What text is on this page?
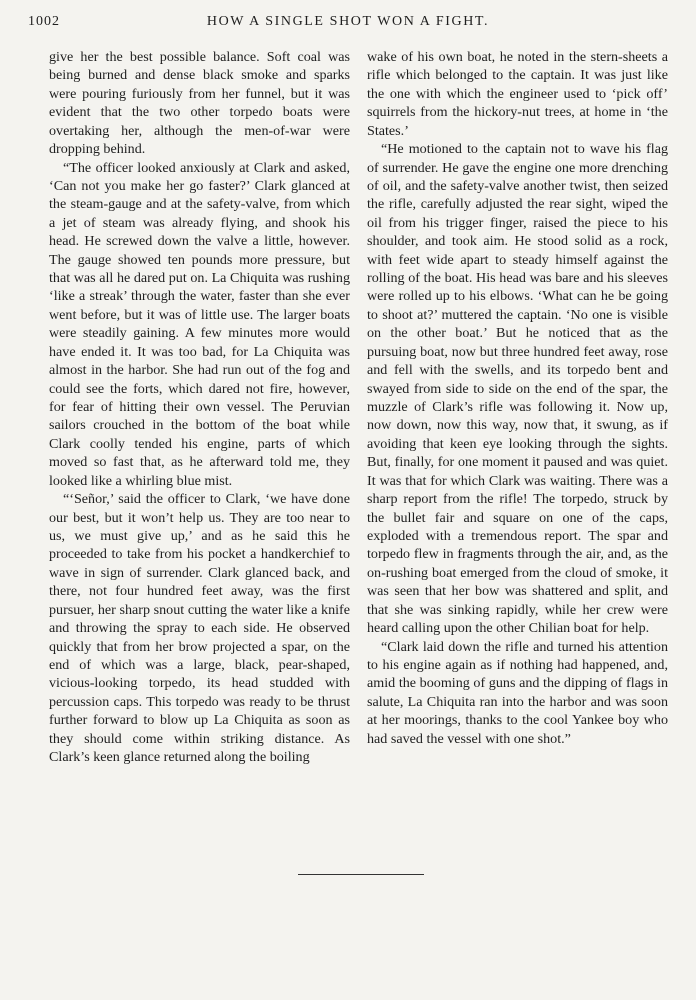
1002	HOW A SINGLE SHOT WON A FIGHT.

give her the best possible balance. Soft coal was being burned and dense black smoke and sparks were pouring furiously from her funnel, but it was evident that the two other torpedo boats were overtaking her, although the men-of-war were dropping behind.

“The officer looked anxiously at Clark and asked, ‘Can not you make her go faster?’ Clark glanced at the steam-gauge and at the safety-valve, from which a jet of steam was already flying, and shook his head. He screwed down the valve a little, however. The gauge showed ten pounds more pressure, but that was all he dared put on. La Chiquita was rushing ‘like a streak’ through the water, faster than she ever went before, but it was of little use. The larger boats were steadily gaining. A few minutes more would have ended it. It was too bad, for La Chiquita was almost in the harbor. She had run out of the fog and could see the forts, which dared not fire, however, for fear of hitting their own vessel. The Peruvian sailors crouched in the bottom of the boat while Clark coolly tended his engine, parts of which moved so fast that, as he afterward told me, they looked like a whirling blue mist.

“‘Señor,’ said the officer to Clark, ‘we have done our best, but it won’t help us. They are too near to us, we must give up,’ and as he said this he proceeded to take from his pocket a handkerchief to wave in sign of surrender. Clark glanced back, and there, not four hundred feet away, was the first pursuer, her sharp snout cutting the water like a knife and throwing the spray to each side. He observed quickly that from her brow projected a spar, on the end of which was a large, black, pear-shaped, vicious-looking torpedo, its head studded with percussion caps. This torpedo was ready to be thrust further forward to blow up La Chiquita as soon as they should come within striking distance. As Clark’s keen glance returned along the boiling

wake of his own boat, he noted in the stern-sheets a rifle which belonged to the captain. It was just like the one with which the engineer used to ‘pick off’ squirrels from the hickory-nut trees, at home in ‘the States.’

“He motioned to the captain not to wave his flag of surrender. He gave the engine one more drenching of oil, and the safety-valve another twist, then seized the rifle, carefully adjusted the rear sight, wiped the oil from his trigger finger, raised the piece to his shoulder, and took aim. He stood solid as a rock, with feet wide apart to steady himself against the rolling of the boat. His head was bare and his sleeves were rolled up to his elbows. ‘What can he be going to shoot at?’ muttered the captain. ‘No one is visible on the other boat.’ But he noticed that as the pursuing boat, now but three hundred feet away, rose and fell with the swells, and its torpedo bent and swayed from side to side on the end of the spar, the muzzle of Clark’s rifle was following it. Now up, now down, now this way, now that, it swung, as if avoiding that keen eye looking through the sights. But, finally, for one moment it paused and was quiet. It was that for which Clark was waiting. There was a sharp report from the rifle! The torpedo, struck by the bullet fair and square on one of the caps, exploded with a tremendous report. The spar and torpedo flew in fragments through the air, and, as the on-rushing boat emerged from the cloud of smoke, it was seen that her bow was shattered and split, and that she was sinking rapidly, while her crew were heard calling upon the other Chilian boat for help.

“Clark laid down the rifle and turned his attention to his engine again as if nothing had happened, and, amid the booming of guns and the dipping of flags in salute, La Chiquita ran into the harbor and was soon at her moorings, thanks to the cool Yankee boy who had saved the vessel with one shot.”
